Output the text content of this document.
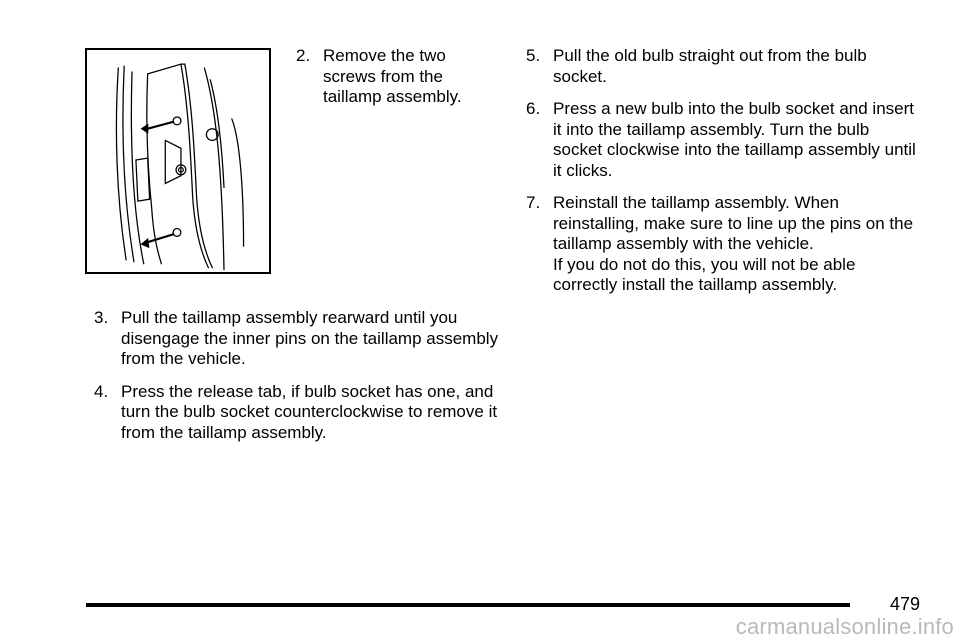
2. Remove the two screws from the taillamp assembly.
3. Pull the taillamp assembly rearward until you disengage the inner pins on the taillamp assembly from the vehicle.
4. Press the release tab, if bulb socket has one, and turn the bulb socket counterclockwise to remove it from the taillamp assembly.
5. Pull the old bulb straight out from the bulb socket.
6. Press a new bulb into the bulb socket and insert it into the taillamp assembly. Turn the bulb socket clockwise into the taillamp assembly until it clicks.
7. Reinstall the taillamp assembly. When reinstalling, make sure to line up the pins on the taillamp assembly with the vehicle.
If you do not do this, you will not be able correctly install the taillamp assembly.
479
carmanualsonline.info
